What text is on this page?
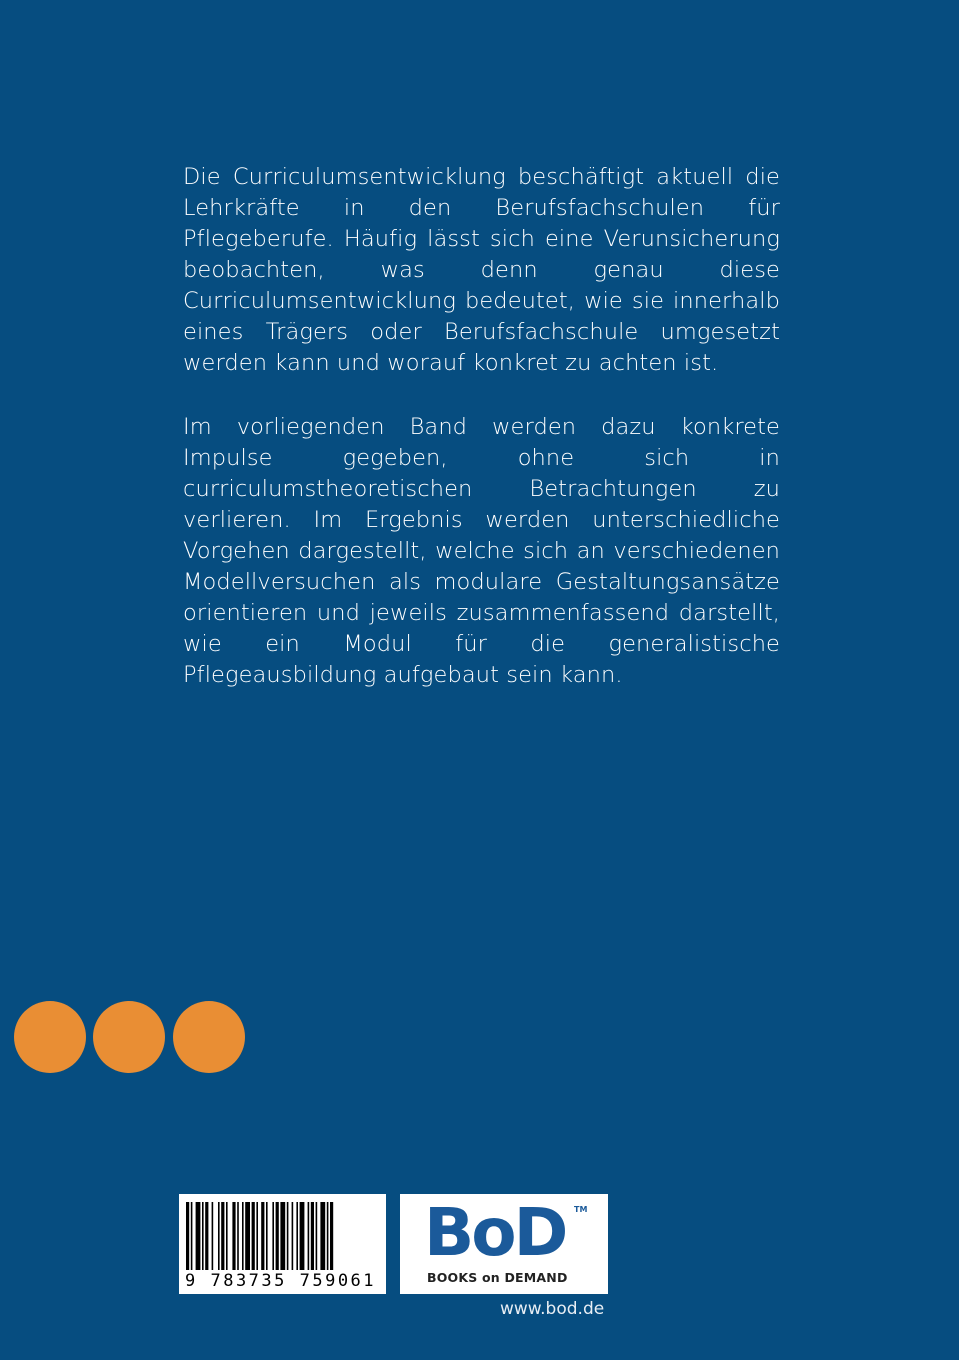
Die Curriculumsentwicklung beschäftigt aktuell die Lehrkräfte in den Berufsfachschulen für Pflegeberufe. Häufig lässt sich eine Verunsicherung beobachten, was denn genau diese Curriculumsentwicklung bedeutet, wie sie innerhalb eines Trägers oder Berufsfachschule umgesetzt werden kann und worauf konkret zu achten ist.

Im vorliegenden Band werden dazu konkrete Impulse gegeben, ohne sich in curriculumstheoretischen Betrachtungen zu verlieren. Im Ergebnis werden unterschiedliche Vorgehen dargestellt, welche sich an verschiedenen Modellversuchen als modulare Gestaltungsansätze orientieren und jeweils zusammenfassend darstellt, wie ein Modul für die generalistische Pflegeausbildung aufgebaut sein kann.

9 783735 759061
BoD TM
BOOKS on DEMAND
www.bod.de
